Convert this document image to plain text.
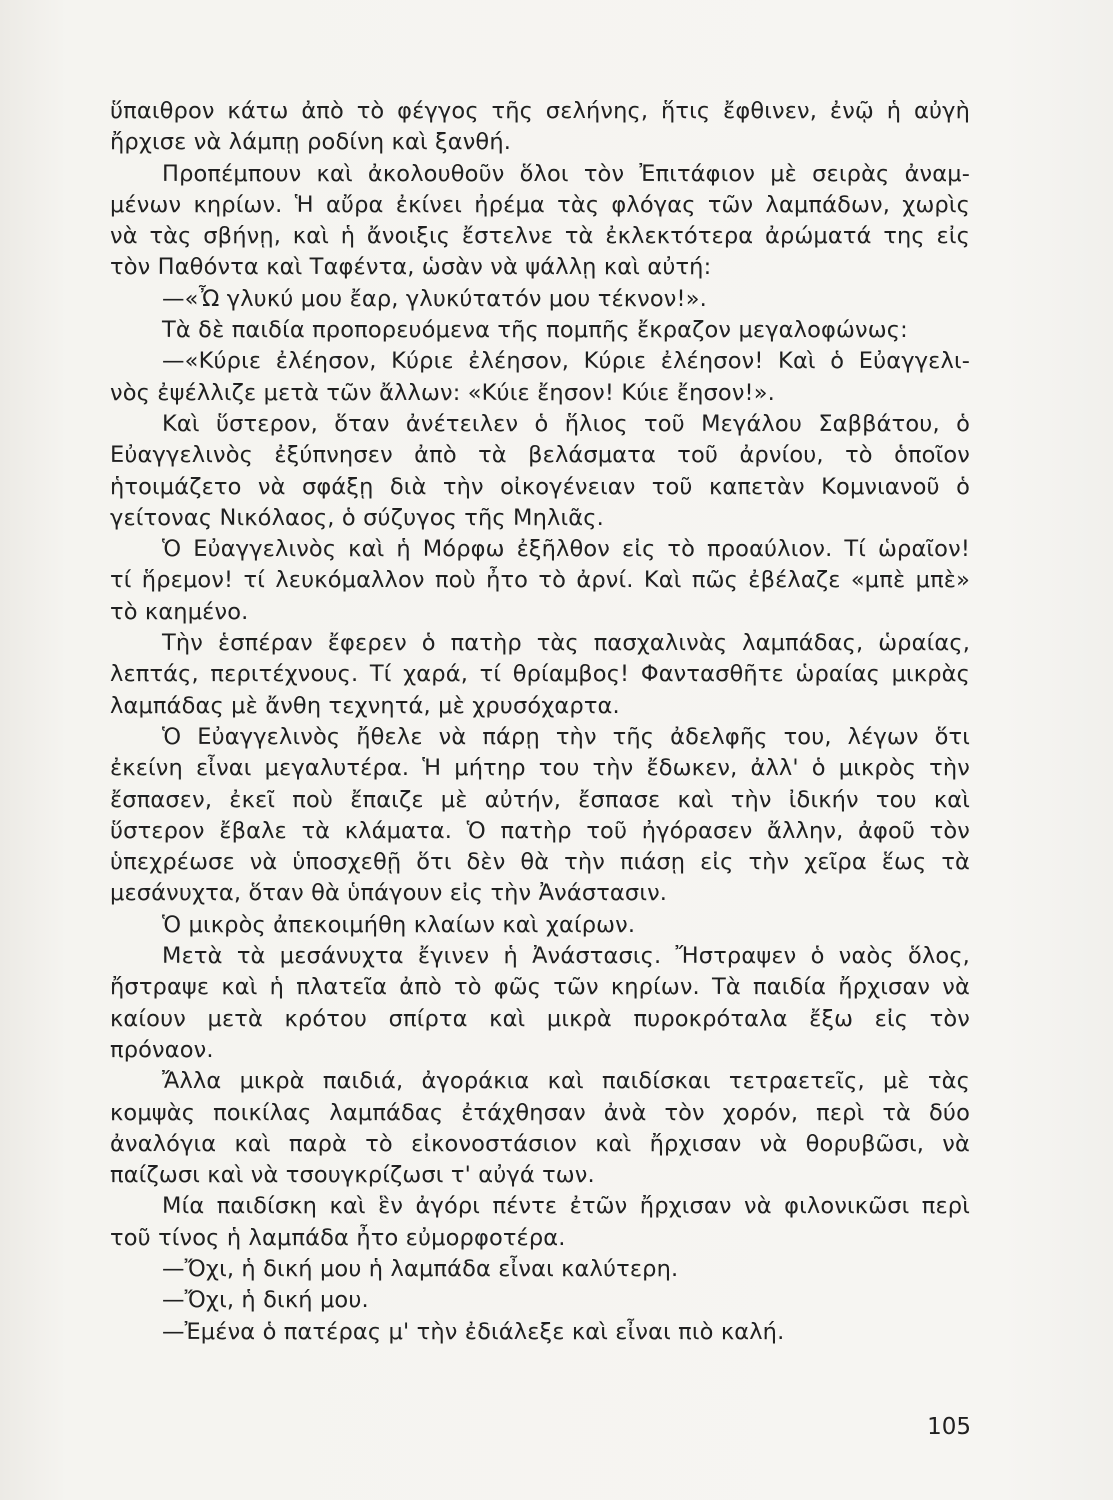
ὕπαιθρον κάτω ἀπὸ τὸ φέγγος τῆς σελήνης, ἥτις ἔφθινεν, ἐνῷ ἡ αὐγὴ
ἤρχισε νὰ λάμπῃ ροδίνη καὶ ξανθή.
Προπέμπουν καὶ ἀκολουθοῦν ὅλοι τὸν Ἐπιτάφιον μὲ σειρὰς ἀναμ-
μένων κηρίων. Ἡ αὔρα ἐκίνει ἠρέμα τὰς φλόγας τῶν λαμπάδων, χωρὶς
νὰ τὰς σβήνῃ, καὶ ἡ ἄνοιξις ἔστελνε τὰ ἐκλεκτότερα ἀρώματά της εἰς
τὸν Παθόντα καὶ Ταφέντα, ὡσὰν νὰ ψάλλῃ καὶ αὐτή:
—«Ὦ γλυκύ μου ἔαρ, γλυκύτατόν μου τέκνον!».
Τὰ δὲ παιδία προπορευόμενα τῆς πομπῆς ἔκραζον μεγαλοφώνως:
—«Κύριε ἐλέησον, Κύριε ἐλέησον, Κύριε ἐλέησον! Καὶ ὁ Εὐαγγελι-
νὸς ἐψέλλιζε μετὰ τῶν ἄλλων: «Κύιε ἔησον! Κύιε ἔησον!».
Καὶ ὕστερον, ὅταν ἀνέτειλεν ὁ ἥλιος τοῦ Μεγάλου Σαββάτου, ὁ
Εὐαγγελινὸς ἐξύπνησεν ἀπὸ τὰ βελάσματα τοῦ ἀρνίου, τὸ ὁποῖον
ἡτοιμάζετο νὰ σφάξῃ διὰ τὴν οἰκογένειαν τοῦ καπετὰν Κομνιανοῦ ὁ
γείτονας Νικόλαος, ὁ σύζυγος τῆς Μηλιᾶς.
Ὁ Εὐαγγελινὸς καὶ ἡ Μόρφω ἐξῆλθον εἰς τὸ προαύλιον. Τί ὡραῖον!
τί ἥρεμον! τί λευκόμαλλον ποὺ ἦτο τὸ ἀρνί. Καὶ πῶς ἐβέλαζε «μπὲ μπὲ»
τὸ καημένο.
Τὴν ἑσπέραν ἔφερεν ὁ πατὴρ τὰς πασχαλινὰς λαμπάδας, ὡραίας,
λεπτάς, περιτέχνους. Τί χαρά, τί θρίαμβος! Φαντασθῆτε ὡραίας μικρὰς
λαμπάδας μὲ ἄνθη τεχνητά, μὲ χρυσόχαρτα.
Ὁ Εὐαγγελινὸς ἤθελε νὰ πάρῃ τὴν τῆς ἀδελφῆς του, λέγων ὅτι
ἐκείνη εἶναι μεγαλυτέρα. Ἡ μήτηρ του τὴν ἔδωκεν, ἀλλ' ὁ μικρὸς τὴν
ἔσπασεν, ἐκεῖ ποὺ ἔπαιζε μὲ αὐτήν, ἔσπασε καὶ τὴν ἰδικήν του καὶ
ὕστερον ἔβαλε τὰ κλάματα. Ὁ πατὴρ τοῦ ἠγόρασεν ἄλλην, ἀφοῦ τὸν
ὑπεχρέωσε νὰ ὑποσχεθῇ ὅτι δὲν θὰ τὴν πιάσῃ εἰς τὴν χεῖρα ἕως τὰ
μεσάνυχτα, ὅταν θὰ ὑπάγουν εἰς τὴν Ἀνάστασιν.
Ὁ μικρὸς ἀπεκοιμήθη κλαίων καὶ χαίρων.
Μετὰ τὰ μεσάνυχτα ἔγινεν ἡ Ἀνάστασις. Ἤστραψεν ὁ ναὸς ὅλος,
ἤστραψε καὶ ἡ πλατεῖα ἀπὸ τὸ φῶς τῶν κηρίων. Τὰ παιδία ἤρχισαν νὰ
καίουν μετὰ κρότου σπίρτα καὶ μικρὰ πυροκρόταλα ἔξω εἰς τὸν
πρόναον.
Ἄλλα μικρὰ παιδιά, ἀγοράκια καὶ παιδίσκαι τετραετεῖς, μὲ τὰς
κομψὰς ποικίλας λαμπάδας ἐτάχθησαν ἀνὰ τὸν χορόν, περὶ τὰ δύο
ἀναλόγια καὶ παρὰ τὸ εἰκονοστάσιον καὶ ἤρχισαν νὰ θορυβῶσι, νὰ
παίζωσι καὶ νὰ τσουγκρίζωσι τ' αὐγά των.
Μία παιδίσκη καὶ ἓν ἀγόρι πέντε ἐτῶν ἤρχισαν νὰ φιλονικῶσι περὶ
τοῦ τίνος ἡ λαμπάδα ἦτο εὐμορφοτέρα.
—Ὄχι, ἡ δική μου ἡ λαμπάδα εἶναι καλύτερη.
—Ὄχι, ἡ δική μου.
—Ἐμένα ὁ πατέρας μ' τὴν ἐδιάλεξε καὶ εἶναι πιὸ καλή.
105
